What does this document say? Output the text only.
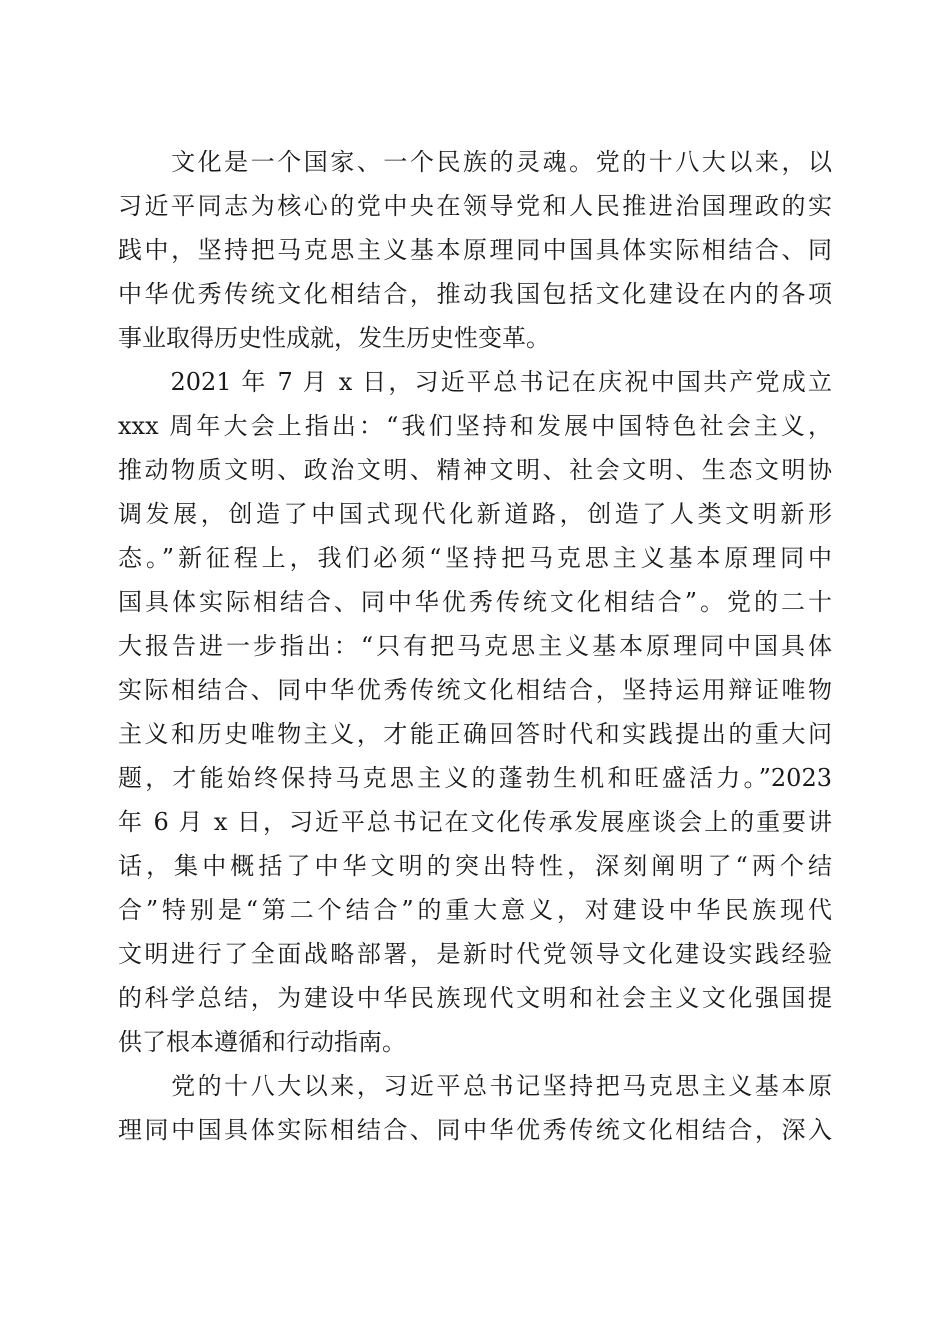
　　文化是一个国家、一个民族的灵魂。党的十八大以来，以
习近平同志为核心的党中央在领导党和人民推进治国理政的实
践中，坚持把马克思主义基本原理同中国具体实际相结合、同
中华优秀传统文化相结合，推动我国包括文化建设在内的各项
事业取得历史性成就，发生历史性变革。
　　2021 年 7 月 x 日，习近平总书记在庆祝中国共产党成立
xxx 周年大会上指出：“我们坚持和发展中国特色社会主义，
推动物质文明、政治文明、精神文明、社会文明、生态文明协
调发展，创造了中国式现代化新道路，创造了人类文明新形
态。”新征程上，我们必须“坚持把马克思主义基本原理同中
国具体实际相结合、同中华优秀传统文化相结合”。党的二十
大报告进一步指出：“只有把马克思主义基本原理同中国具体
实际相结合、同中华优秀传统文化相结合，坚持运用辩证唯物
主义和历史唯物主义，才能正确回答时代和实践提出的重大问
题，才能始终保持马克思主义的蓬勃生机和旺盛活力。”2023
年 6 月 x 日，习近平总书记在文化传承发展座谈会上的重要讲
话，集中概括了中华文明的突出特性，深刻阐明了“两个结
合”特别是“第二个结合”的重大意义，对建设中华民族现代
文明进行了全面战略部署，是新时代党领导文化建设实践经验
的科学总结，为建设中华民族现代文明和社会主义文化强国提
供了根本遵循和行动指南。
　　党的十八大以来，习近平总书记坚持把马克思主义基本原
理同中国具体实际相结合、同中华优秀传统文化相结合，深入
